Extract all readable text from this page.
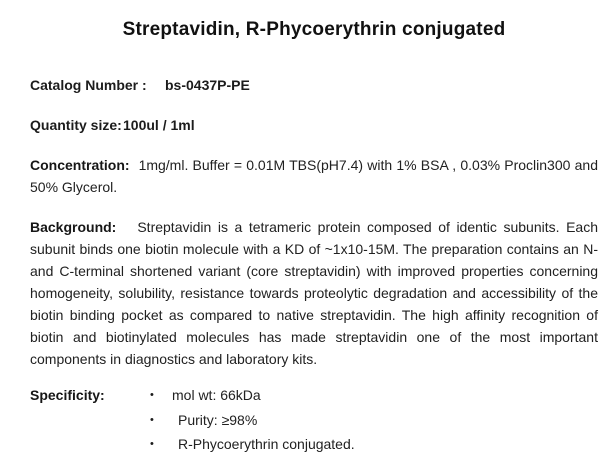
Streptavidin, R-Phycoerythrin conjugated
Catalog Number : bs-0437P-PE
Quantity size:100ul / 1ml

Concentration: 1mg/ml. Buffer = 0.01M TBS(pH7.4) with 1% BSA , 0.03% Proclin300 and 50% Glycerol.

Background: Streptavidin is a tetrameric protein composed of identic subunits. Each subunit binds one biotin molecule with a KD of ~1x10-15M. The preparation contains an N- and C-terminal shortened variant (core streptavidin) with improved properties concerning homogeneity, solubility, resistance towards proteolytic degradation and accessibility of the biotin binding pocket as compared to native streptavidin. The high affinity recognition of biotin and biotinylated molecules has made streptavidin one of the most important components in diagnostics and laboratory kits.

Specificity:	•	mol wt: 66kDa
•	Purity: ≥98%
•	R-Phycoerythrin conjugated.
